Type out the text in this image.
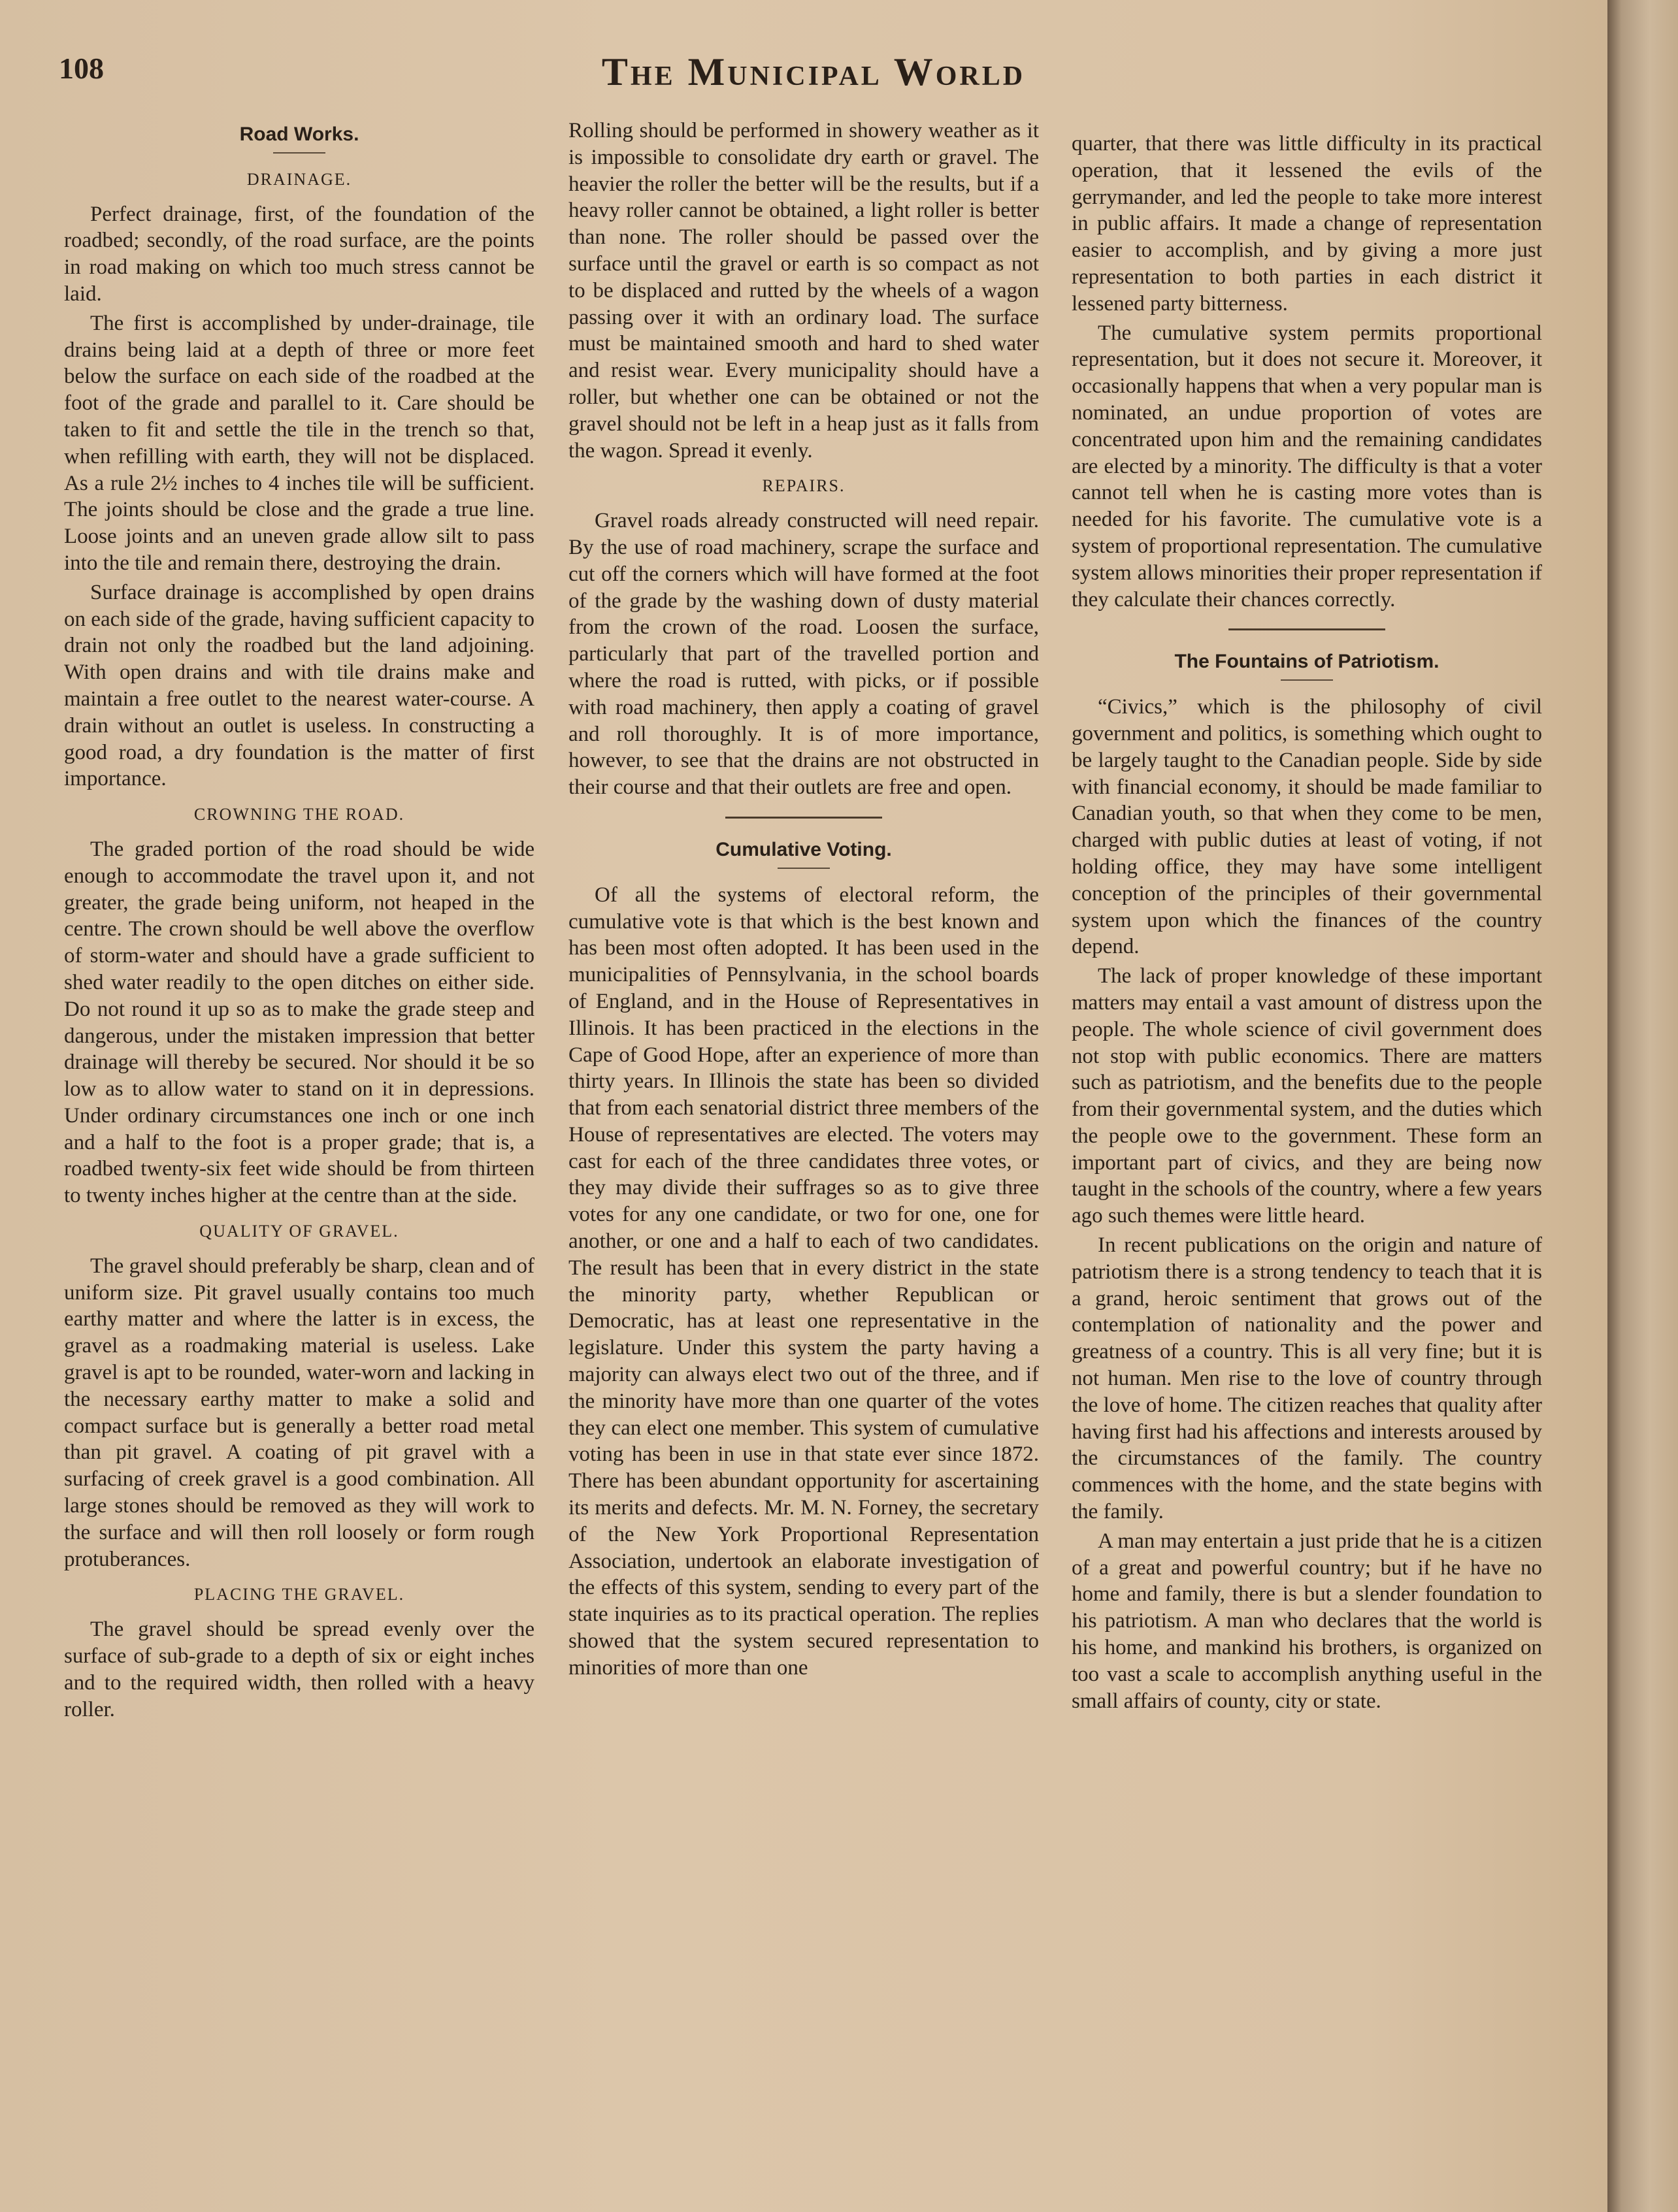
108	The Municipal World
Road Works.
DRAINAGE.

Perfect drainage, first, of the foundation of the roadbed; secondly, of the road surface, are the points in road making on which too much stress cannot be laid.

The first is accomplished by under-drainage, tile drains being laid at a depth of three or more feet below the surface on each side of the roadbed at the foot of the grade and parallel to it. Care should be taken to fit and settle the tile in the trench so that, when refilling with earth, they will not be displaced. As a rule 2½ inches to 4 inches tile will be sufficient. The joints should be close and the grade a true line. Loose joints and an uneven grade allow silt to pass into the tile and remain there, destroying the drain.

Surface drainage is accomplished by open drains on each side of the grade, having sufficient capacity to drain not only the roadbed but the land adjoining. With open drains and with tile drains make and maintain a free outlet to the nearest water-course. A drain without an outlet is useless. In constructing a good road, a dry foundation is the matter of first importance.

CROWNING THE ROAD.

The graded portion of the road should be wide enough to accommodate the travel upon it, and not greater, the grade being uniform, not heaped in the centre. The crown should be well above the overflow of storm-water and should have a grade sufficient to shed water readily to the open ditches on either side. Do not round it up so as to make the grade steep and dangerous, under the mistaken impression that better drainage will thereby be secured. Nor should it be so low as to allow water to stand on it in depressions. Under ordinary circumstances one inch or one inch and a half to the foot is a proper grade; that is, a roadbed twenty-six feet wide should be from thirteen to twenty inches higher at the centre than at the side.

QUALITY OF GRAVEL.

The gravel should preferably be sharp, clean and of uniform size. Pit gravel usually contains too much earthy matter and where the latter is in excess, the gravel as a roadmaking material is useless. Lake gravel is apt to be rounded, water-worn and lacking in the necessary earthy matter to make a solid and compact surface but is generally a better road metal than pit gravel. A coating of pit gravel with a surfacing of creek gravel is a good combination. All large stones should be removed as they will work to the surface and will then roll loosely or form rough protuberances.

PLACING THE GRAVEL.

The gravel should be spread evenly over the surface of sub-grade to a depth of six or eight inches and to the required width, then rolled with a heavy roller.

Rolling should be performed in showery weather as it is impossible to consolidate dry earth or gravel. The heavier the roller the better will be the results, but if a heavy roller cannot be obtained, a light roller is better than none. The roller should be passed over the surface until the gravel or earth is so compact as not to be displaced and rutted by the wheels of a wagon passing over it with an ordinary load. The surface must be maintained smooth and hard to shed water and resist wear. Every municipality should have a roller, but whether one can be obtained or not the gravel should not be left in a heap just as it falls from the wagon. Spread it evenly.

REPAIRS.

Gravel roads already constructed will need repair. By the use of road machinery, scrape the surface and cut off the corners which will have formed at the foot of the grade by the washing down of dusty material from the crown of the road. Loosen the surface, particularly that part of the travelled portion and where the road is rutted, with picks, or if possible with road machinery, then apply a coating of gravel and roll thoroughly. It is of more importance, however, to see that the drains are not obstructed in their course and that their outlets are free and open.

Cumulative Voting.

Of all the systems of electoral reform, the cumulative vote is that which is the best known and has been most often adopted. It has been used in the municipalities of Pennsylvania, in the school boards of England, and in the House of Representatives in Illinois. It has been practiced in the elections in the Cape of Good Hope, after an experience of more than thirty years. In Illinois the state has been so divided that from each senatorial district three members of the House of representatives are elected. The voters may cast for each of the three candidates three votes, or they may divide their suffrages so as to give three votes for any one candidate, or two for one, one for another, or one and a half to each of two candidates. The result has been that in every district in the state the minority party, whether Republican or Democratic, has at least one representative in the legislature. Under this system the party having a majority can always elect two out of the three, and if the minority have more than one quarter of the votes they can elect one member. This system of cumulative voting has been in use in that state ever since 1872. There has been abundant opportunity for ascertaining its merits and defects. Mr. M. N. Forney, the secretary of the New York Proportional Representation Association, undertook an elaborate investigation of the effects of this system, sending to every part of the state inquiries as to its practical operation. The replies showed that the system secured representation to minorities of more than one

quarter, that there was little difficulty in its practical operation, that it lessened the evils of the gerrymander, and led the people to take more interest in public affairs. It made a change of representation easier to accomplish, and by giving a more just representation to both parties in each district it lessened party bitterness.

The cumulative system permits proportional representation, but it does not secure it. Moreover, it occasionally happens that when a very popular man is nominated, an undue proportion of votes are concentrated upon him and the remaining candidates are elected by a minority. The difficulty is that a voter cannot tell when he is casting more votes than is needed for his favorite. The cumulative vote is a system of proportional representation. The cumulative system allows minorities their proper representation if they calculate their chances correctly.

The Fountains of Patriotism.

“Civics,” which is the philosophy of civil government and politics, is something which ought to be largely taught to the Canadian people. Side by side with financial economy, it should be made familiar to Canadian youth, so that when they come to be men, charged with public duties at least of voting, if not holding office, they may have some intelligent conception of the principles of their governmental system upon which the finances of the country depend.

The lack of proper knowledge of these important matters may entail a vast amount of distress upon the people. The whole science of civil government does not stop with public economics. There are matters such as patriotism, and the benefits due to the people from their governmental system, and the duties which the people owe to the government. These form an important part of civics, and they are being now taught in the schools of the country, where a few years ago such themes were little heard.

In recent publications on the origin and nature of patriotism there is a strong tendency to teach that it is a grand, heroic sentiment that grows out of the contemplation of nationality and the power and greatness of a country. This is all very fine; but it is not human. Men rise to the love of country through the love of home. The citizen reaches that quality after having first had his affections and interests aroused by the circumstances of the family. The country commences with the home, and the state begins with the family.

A man may entertain a just pride that he is a citizen of a great and powerful country; but if he have no home and family, there is but a slender foundation to his patriotism. A man who declares that the world is his home, and mankind his brothers, is organized on too vast a scale to accomplish anything useful in the small affairs of county, city or state.
